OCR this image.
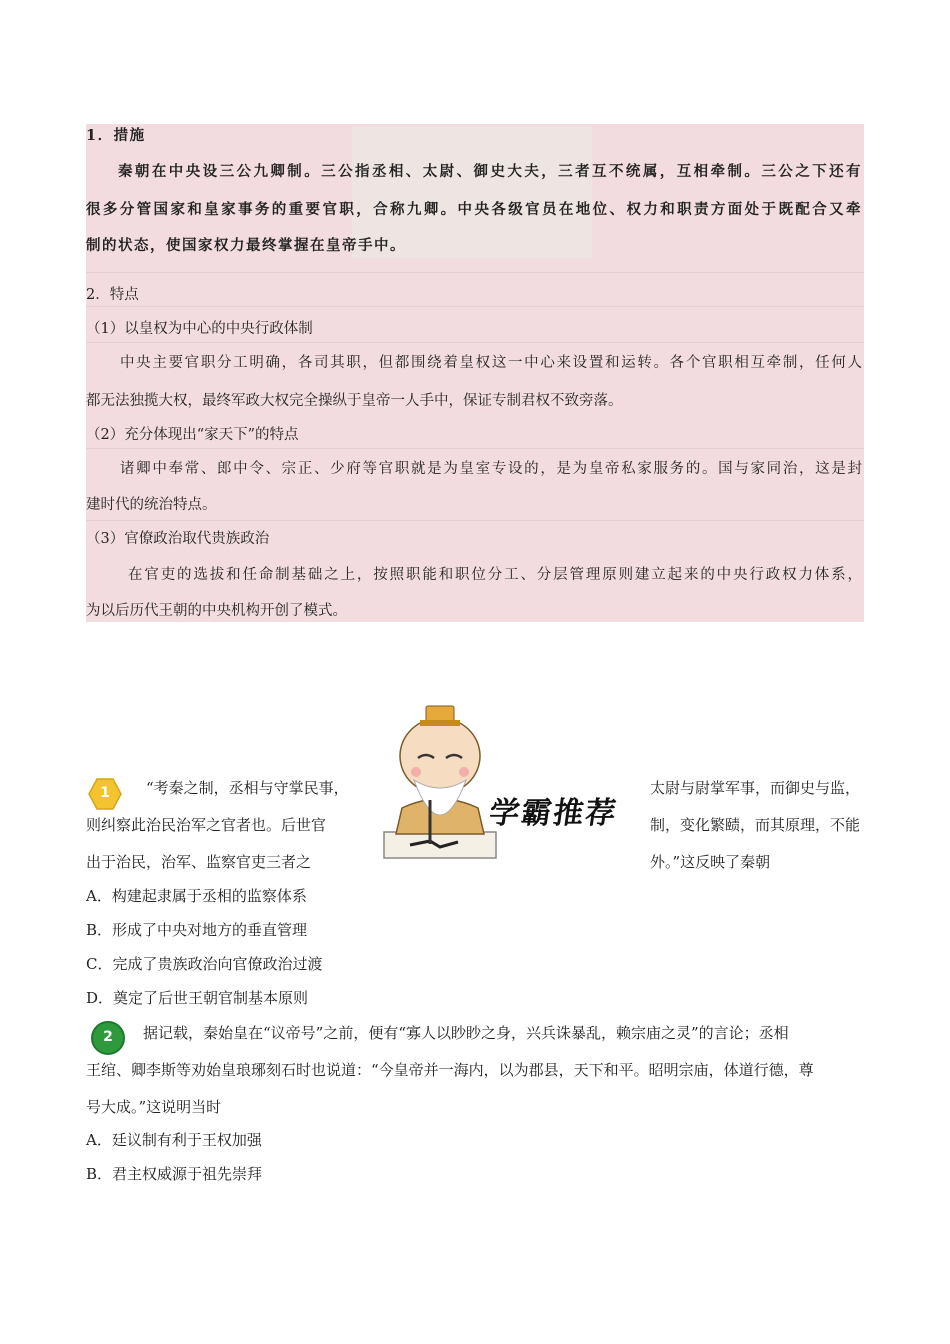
1．措施
秦朝在中央设三公九卿制。三公指丞相、太尉、御史大夫，三者互不统属，互相牵制。三公之下还有
很多分管国家和皇家事务的重要官职，合称九卿。中央各级官员在地位、权力和职责方面处于既配合又牵
制的状态，使国家权力最终掌握在皇帝手中。
2．特点
（1）以皇权为中心的中央行政体制
中央主要官职分工明确，各司其职，但都围绕着皇权这一中心来设置和运转。各个官职相互牵制，任何人
都无法独揽大权，最终军政大权完全操纵于皇帝一人手中，保证专制君权不致旁落。
（2）充分体现出“家天下”的特点
诸卿中奉常、郎中令、宗正、少府等官职就是为皇室专设的，是为皇帝私家服务的。国与家同治，这是封
建时代的统治特点。
（3）官僚政治取代贵族政治
在官吏的选拔和任命制基础之上，按照职能和职位分工、分层管理原则建立起来的中央行政权力体系，
为以后历代王朝的中央机构开创了模式。
学霸推荐
1	“考秦之制，丞相与守掌民事，
则纠察此治民治军之官者也。后世官
出于治民，治军、监察官吏三者之
太尉与尉掌军事，而御史与监，
制，变化繁赜，而其原理，不能
外。”这反映了秦朝
A．构建起隶属于丞相的监察体系
B．形成了中央对地方的垂直管理
C．完成了贵族政治向官僚政治过渡
D．奠定了后世王朝官制基本原则
2	据记载，秦始皇在“议帝号”之前，便有“寡人以眇眇之身，兴兵诛暴乱，赖宗庙之灵”的言论；丞相
王绾、卿李斯等劝始皇琅琊刻石时也说道：“今皇帝并一海内，以为郡县，天下和平。昭明宗庙，体道行德，尊
号大成。”这说明当时
A．廷议制有利于王权加强
B．君主权威源于祖先崇拜
